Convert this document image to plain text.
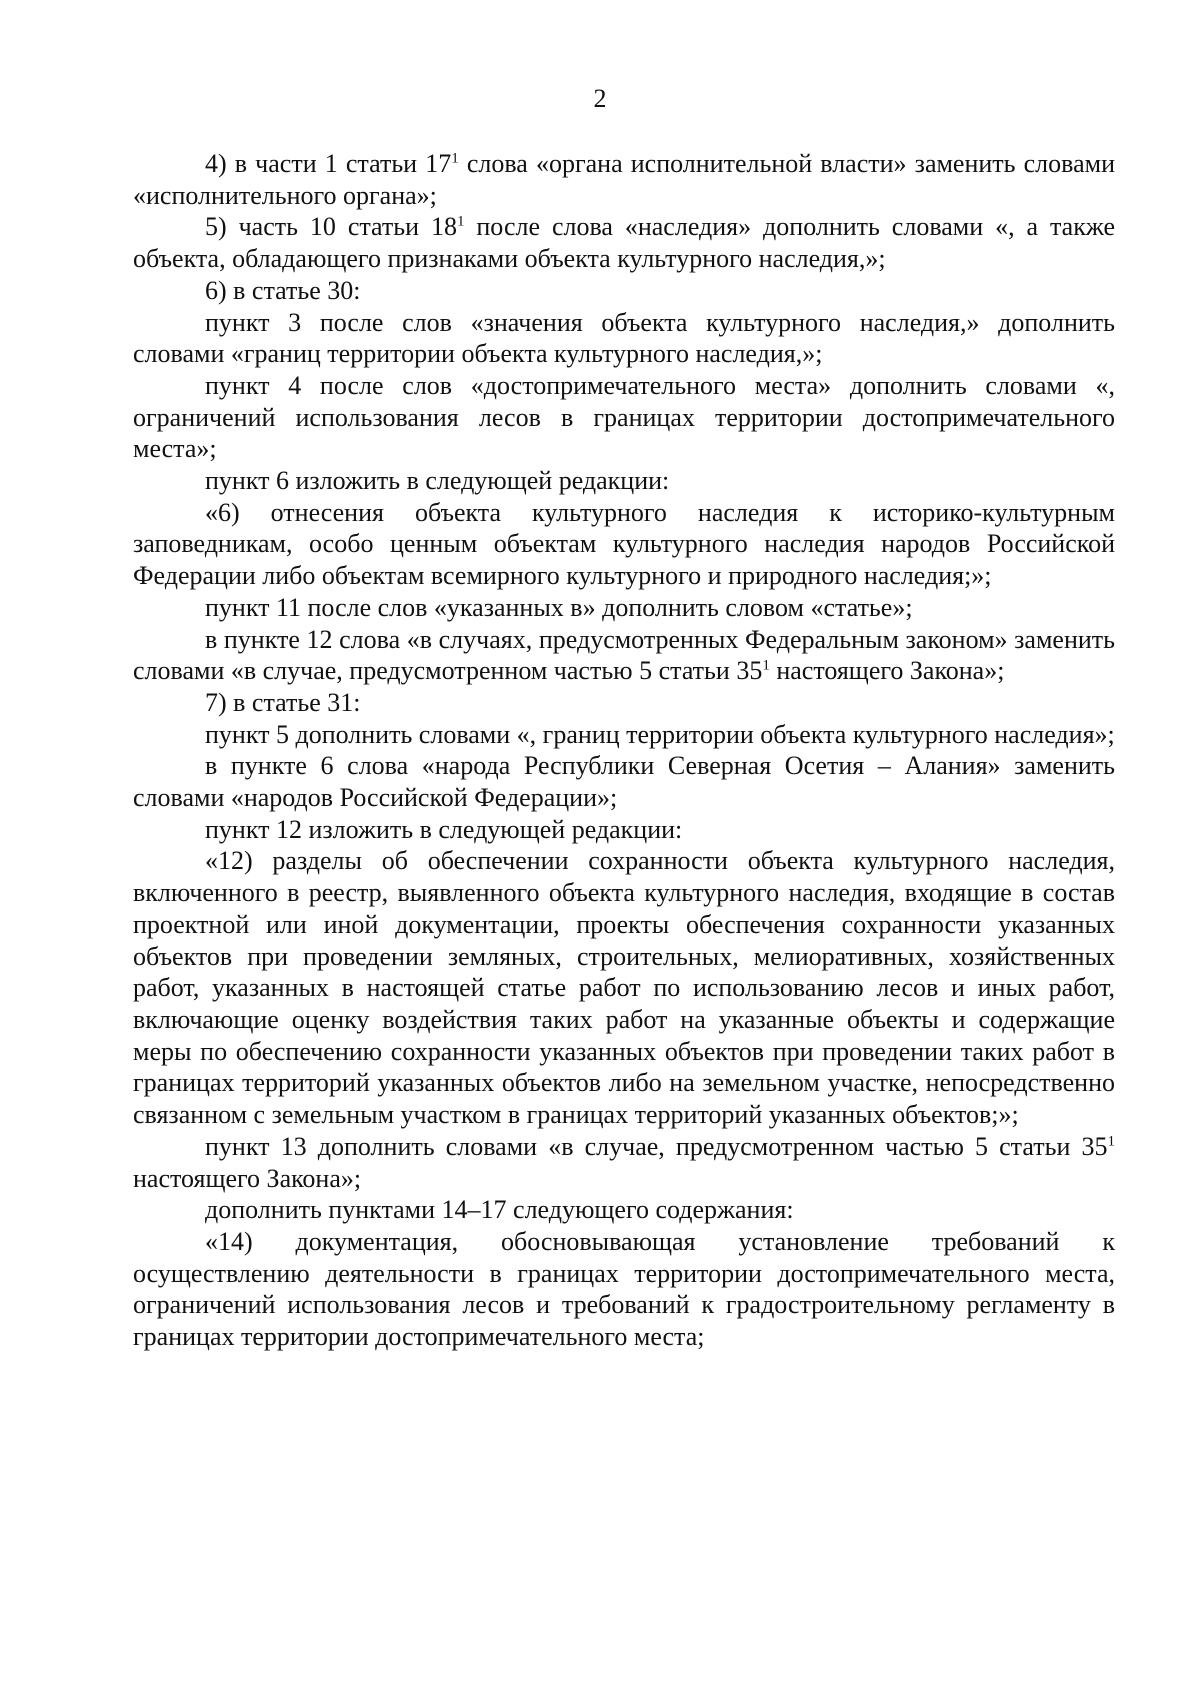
2

4) в части 1 статьи $17^1$ слова «органа исполнительной власти» заменить словами «исполнительного органа»;

5) часть 10 статьи $18^1$ после слова «наследия» дополнить словами «, а также объекта, обладающего признаками объекта культурного наследия,»;

6) в статье 30:

пункт 3 после слов «значения объекта культурного наследия,» дополнить словами «границ территории объекта культурного наследия,»;

пункт 4 после слов «достопримечательного места» дополнить словами «, ограничений использования лесов в границах территории достопримечательного места»;

пункт 6 изложить в следующей редакции:

«6) отнесения объекта культурного наследия к историко-культурным заповедникам, особо ценным объектам культурного наследия народов Российской Федерации либо объектам всемирного культурного и природного наследия;»;

пункт 11 после слов «указанных в» дополнить словом «статье»;

в пункте 12 слова «в случаях, предусмотренных Федеральным законом» заменить словами «в случае, предусмотренном частью 5 статьи $35^1$ настоящего Закона»;

7) в статье 31:

пункт 5 дополнить словами «, границ территории объекта культурного наследия»;

в пункте 6 слова «народа Республики Северная Осетия – Алания» заменить словами «народов Российской Федерации»;

пункт 12 изложить в следующей редакции:

«12) разделы об обеспечении сохранности объекта культурного наследия, включенного в реестр, выявленного объекта культурного наследия, входящие в состав проектной или иной документации, проекты обеспечения сохранности указанных объектов при проведении земляных, строительных, мелиоративных, хозяйственных работ, указанных в настоящей статье работ по использованию лесов и иных работ, включающие оценку воздействия таких работ на указанные объекты и содержащие меры по обеспечению сохранности указанных объектов при проведении таких работ в границах территорий указанных объектов либо на земельном участке, непосредственно связанном с земельным участком в границах территорий указанных объектов;»;

пункт 13 дополнить словами «в случае, предусмотренном частью 5 статьи $35^1$ настоящего Закона»;

дополнить пунктами 14–17 следующего содержания:

«14) документация, обосновывающая установление требований к осуществлению деятельности в границах территории достопримечательного места, ограничений использования лесов и требований к градостроительному регламенту в границах территории достопримечательного места;
